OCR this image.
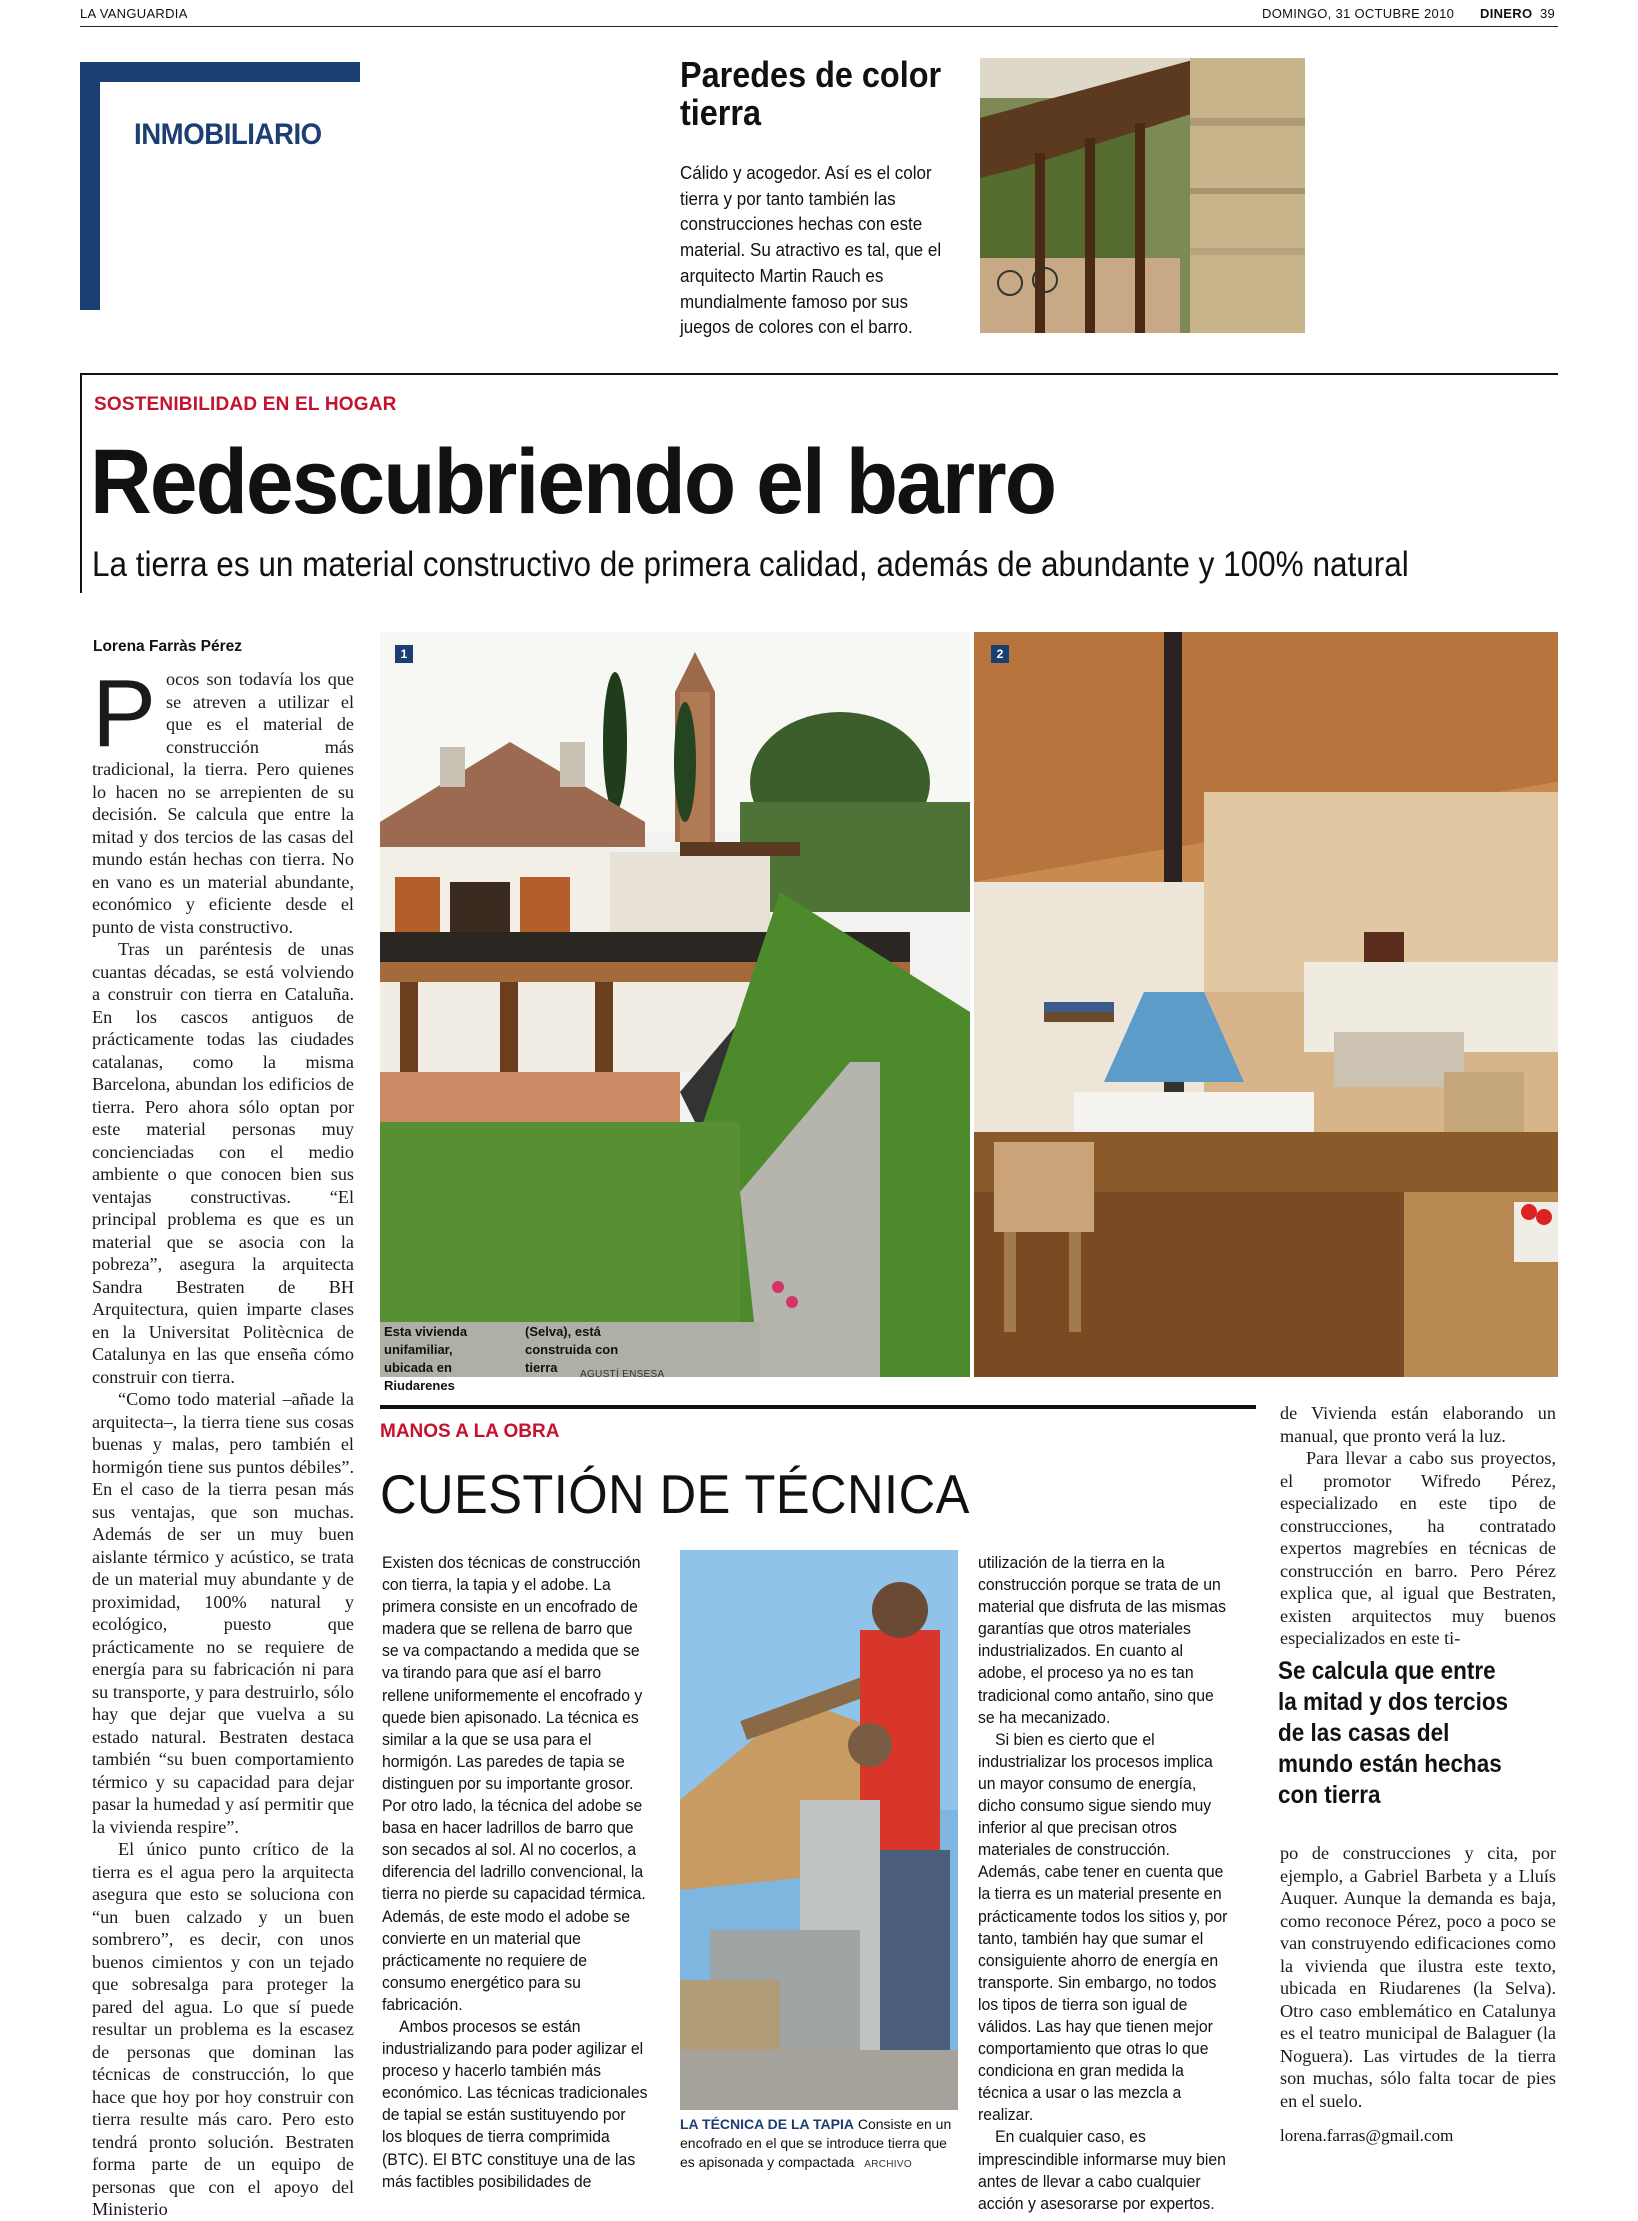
LA VANGUARDIA	DOMINGO, 31 OCTUBRE 2010 DINERO 39
INMOBILIARIO
Paredes de color tierra
Cálido y acogedor. Así es el color tierra y por tanto también las construcciones hechas con este material. Su atractivo es tal, que el arquitecto Martin Rauch es mundialmente famoso por sus juegos de colores con el barro.
SOSTENIBILIDAD EN EL HOGAR
Redescubriendo el barro
La tierra es un material constructivo de primera calidad, además de abundante y 100% natural
Lorena Farràs Pérez

Pocos son todavía los que se atreven a utilizar el que es el material de construcción más tradicional, la tierra. Pero quienes lo hacen no se arrepienten de su decisión. Se calcula que entre la mitad y dos tercios de las casas del mundo están hechas con tierra. No en vano es un material abundante, económico y eficiente desde el punto de vista constructivo.

Tras un paréntesis de unas cuantas décadas, se está volviendo a construir con tierra en Cataluña. En los cascos antiguos de prácticamente todas las ciudades catalanas, como la misma Barcelona, abundan los edificios de tierra. Pero ahora sólo optan por este material personas muy concienciadas con el medio ambiente o que conocen bien sus ventajas constructivas. “El principal problema es que es un material que se asocia con la pobreza”, asegura la arquitecta Sandra Bestraten de BH Arquitectura, quien imparte clases en la Universitat Politècnica de Catalunya en las que enseña cómo construir con tierra.

“Como todo material –añade la arquitecta–, la tierra tiene sus cosas buenas y malas, pero también el hormigón tiene sus puntos débiles”. En el caso de la tierra pesan más sus ventajas, que son muchas. Además de ser un muy buen aislante térmico y acústico, se trata de un material muy abundante y de proximidad, 100% natural y ecológico, puesto que prácticamente no se requiere de energía para su fabricación ni para su transporte, y para destruirlo, sólo hay que dejar que vuelva a su estado natural. Bestraten destaca también “su buen comportamiento térmico y su capacidad para dejar pasar la humedad y así permitir que la vivienda respire”.

El único punto crítico de la tierra es el agua pero la arquitecta asegura que esto se soluciona con “un buen calzado y un buen sombrero”, es decir, con unos buenos cimientos y con un tejado que sobresalga para proteger la pared del agua. Lo que sí puede resultar un problema es la escasez de personas que dominan las técnicas de construcción, lo que hace que hoy por hoy construir con tierra resulte más caro. Pero esto tendrá pronto solución. Bestraten forma parte de un equipo de personas que con el apoyo del Ministerio

1
Esta vivienda unifamiliar, ubicada en Riudarenes
(Selva), está construida con tierra	AGUSTÍ ENSESA
2
MANOS A LA OBRA
CUESTIÓN DE TÉCNICA

Existen dos técnicas de construcción con tierra, la tapia y el adobe. La primera consiste en un encofrado de madera que se rellena de barro que se va compactando a medida que se va tirando para que así el barro rellene uniformemente el encofrado y quede bien apisonado. La técnica es similar a la que se usa para el hormigón. Las paredes de tapia se distinguen por su importante grosor. Por otro lado, la técnica del adobe se basa en hacer ladrillos de barro que son secados al sol. Al no cocerlos, a diferencia del ladrillo convencional, la tierra no pierde su capacidad térmica. Además, de este modo el adobe se convierte en un material que prácticamente no requiere de consumo energético para su fabricación.

Ambos procesos se están industrializando para poder agilizar el proceso y hacerlo también más económico. Las técnicas tradicionales de tapial se están sustituyendo por los bloques de tierra comprimida (BTC). El BTC constituye una de las más factibles posibilidades de

LA TÉCNICA DE LA TAPIA Consiste en un encofrado en el que se introduce tierra que es apisonada y compactada ARCHIVO

utilización de la tierra en la construcción porque se trata de un material que disfruta de las mismas garantías que otros materiales industrializados. En cuanto al adobe, el proceso ya no es tan tradicional como antaño, sino que se ha mecanizado.

Si bien es cierto que el industrializar los procesos implica un mayor consumo de energía, dicho consumo sigue siendo muy inferior al que precisan otros materiales de construcción. Además, cabe tener en cuenta que la tierra es un material presente en prácticamente todos los sitios y, por tanto, también hay que sumar el consiguiente ahorro de energía en transporte. Sin embargo, no todos los tipos de tierra son igual de válidos. Las hay que tienen mejor comportamiento que otras lo que condiciona en gran medida la técnica a usar o las mezcla a realizar.

En cualquier caso, es imprescindible informarse muy bien antes de llevar a cabo cualquier acción y asesorarse por expertos.

de Vivienda están elaborando un manual, que pronto verá la luz.

Para llevar a cabo sus proyectos, el promotor Wifredo Pérez, especializado en este tipo de construcciones, ha contratado expertos magrebíes en técnicas de construcción en barro. Pero Pérez explica que, al igual que Bestraten, existen arquitectos muy buenos especializados en este ti-

Se calcula que entre la mitad y dos tercios de las casas del mundo están hechas con tierra

po de construcciones y cita, por ejemplo, a Gabriel Barbeta y a Lluís Auquer. Aunque la demanda es baja, como reconoce Pérez, poco a poco se van construyendo edificaciones como la vivienda que ilustra este texto, ubicada en Riudarenes (la Selva). Otro caso emblemático en Catalunya es el teatro municipal de Balaguer (la Noguera). Las virtudes de la tierra son muchas, sólo falta tocar de pies en el suelo.

lorena.farras@gmail.com
